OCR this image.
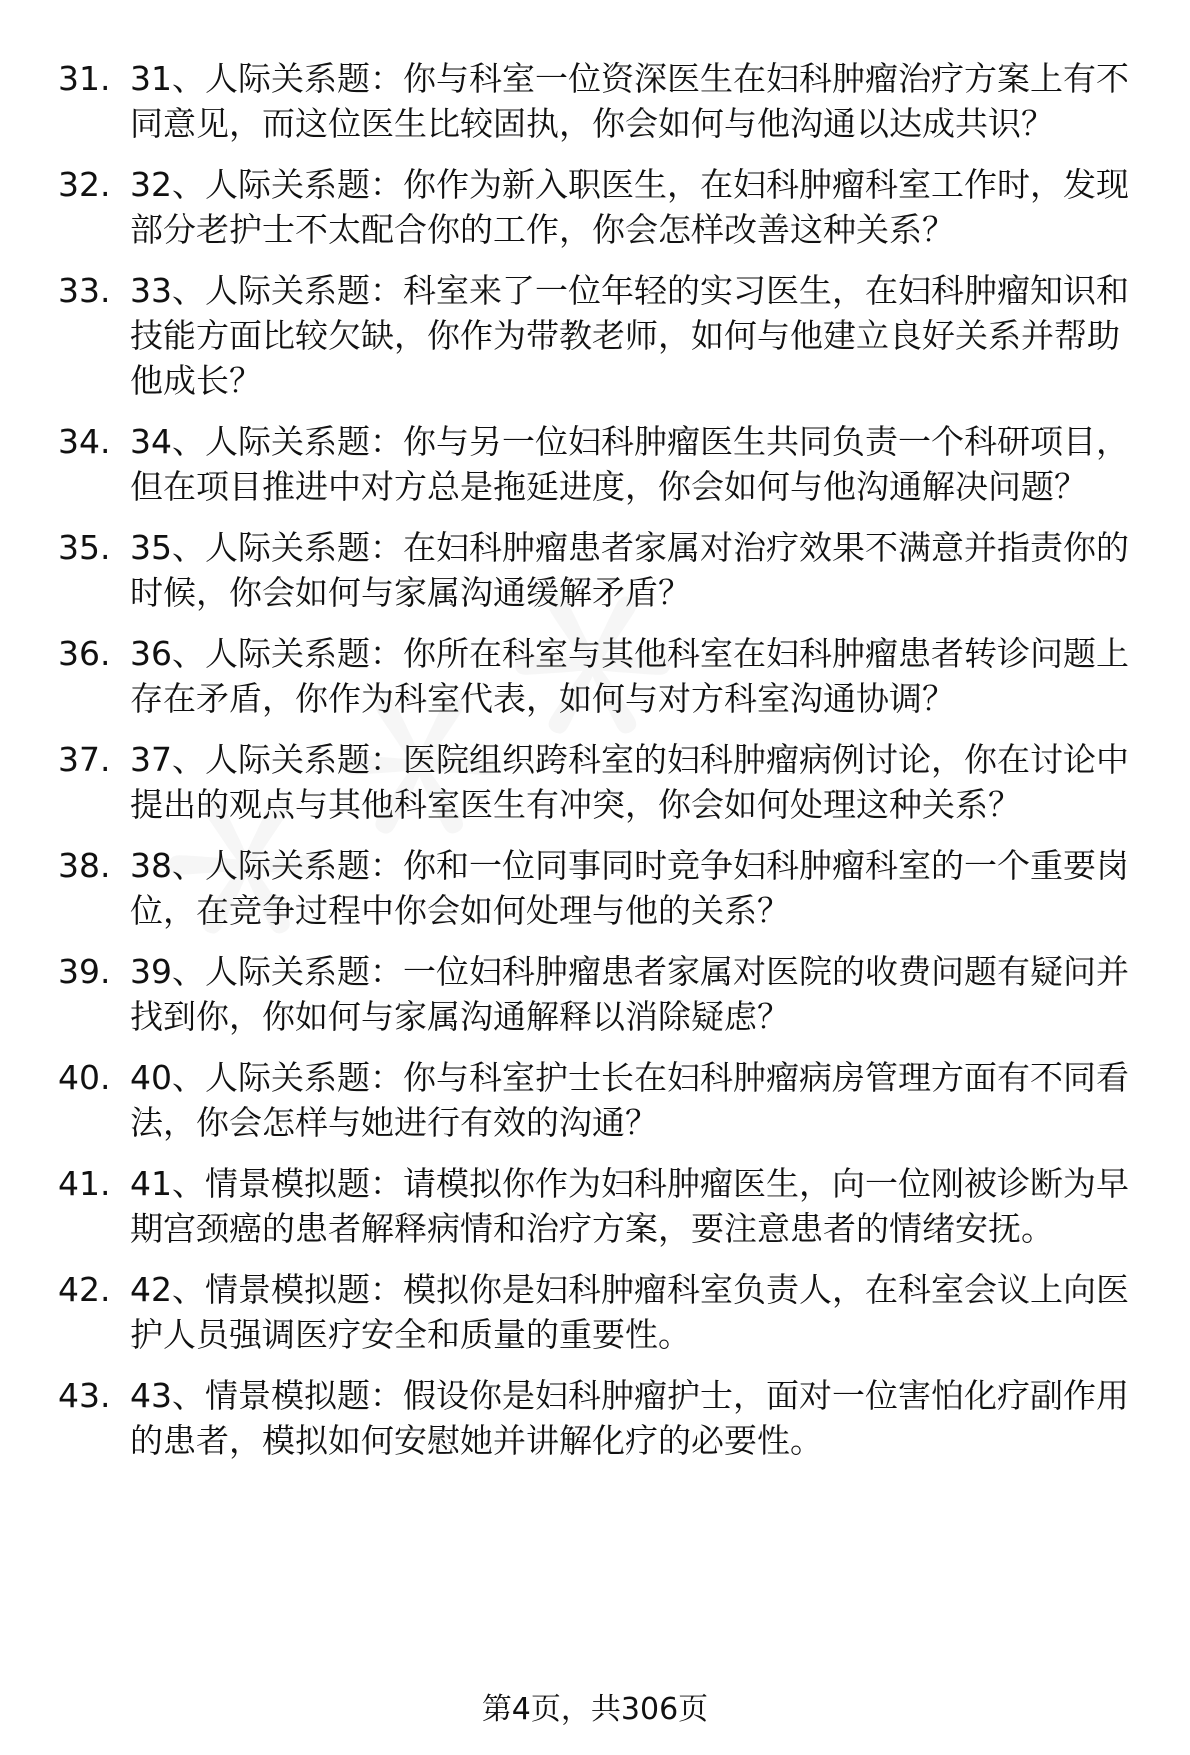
31. 31、人际关系题：你与科室一位资深医生在妇科肿瘤治疗方案上有不同意见，而这位医生比较固执，你会如何与他沟通以达成共识？
32. 32、人际关系题：你作为新入职医生，在妇科肿瘤科室工作时，发现部分老护士不太配合你的工作，你会怎样改善这种关系？
33. 33、人际关系题：科室来了一位年轻的实习医生，在妇科肿瘤知识和技能方面比较欠缺，你作为带教老师，如何与他建立良好关系并帮助他成长？
34. 34、人际关系题：你与另一位妇科肿瘤医生共同负责一个科研项目，但在项目推进中对方总是拖延进度，你会如何与他沟通解决问题？
35. 35、人际关系题：在妇科肿瘤患者家属对治疗效果不满意并指责你的时候，你会如何与家属沟通缓解矛盾？
36. 36、人际关系题：你所在科室与其他科室在妇科肿瘤患者转诊问题上存在矛盾，你作为科室代表，如何与对方科室沟通协调？
37. 37、人际关系题：医院组织跨科室的妇科肿瘤病例讨论，你在讨论中提出的观点与其他科室医生有冲突，你会如何处理这种关系？
38. 38、人际关系题：你和一位同事同时竞争妇科肿瘤科室的一个重要岗位，在竞争过程中你会如何处理与他的关系？
39. 39、人际关系题：一位妇科肿瘤患者家属对医院的收费问题有疑问并找到你，你如何与家属沟通解释以消除疑虑？
40. 40、人际关系题：你与科室护士长在妇科肿瘤病房管理方面有不同看法，你会怎样与她进行有效的沟通？
41. 41、情景模拟题：请模拟你作为妇科肿瘤医生，向一位刚被诊断为早期宫颈癌的患者解释病情和治疗方案，要注意患者的情绪安抚。
42. 42、情景模拟题：模拟你是妇科肿瘤科室负责人，在科室会议上向医护人员强调医疗安全和质量的重要性。
43. 43、情景模拟题：假设你是妇科肿瘤护士，面对一位害怕化疗副作用的患者，模拟如何安慰她并讲解化疗的必要性。
第4页，共306页
